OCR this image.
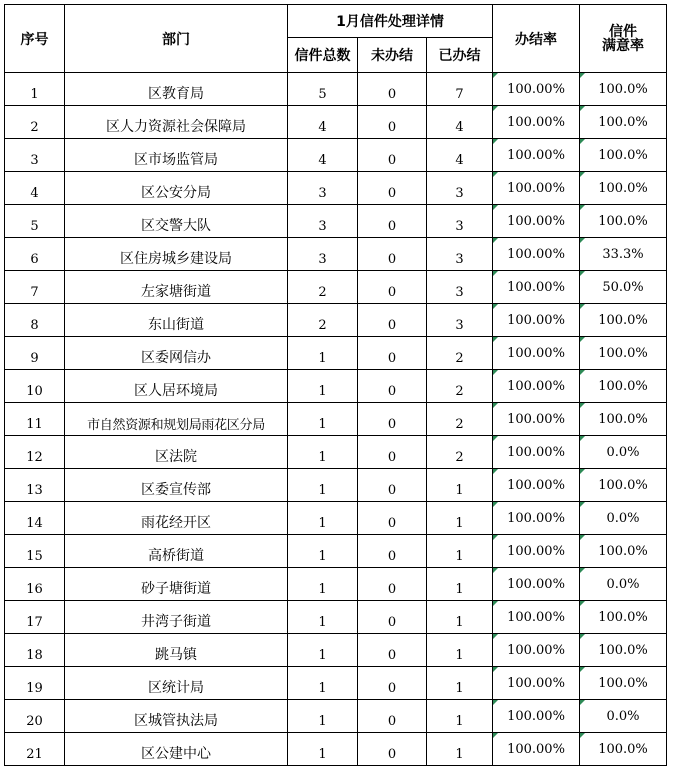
序号	部门	1月信件处理详情			办结率	信件
满意率

		信件总数	未办结	已办结		
1	区教育局	5	0	7	100.00%	100.0%
2	区人力资源社会保障局	4	0	4	100.00%	100.0%
3	区市场监管局	4	0	4	100.00%	100.0%
4	区公安分局	3	0	3	100.00%	100.0%
5	区交警大队	3	0	3	100.00%	100.0%
6	区住房城乡建设局	3	0	3	100.00%	33.3%
7	左家塘街道	2	0	3	100.00%	50.0%
8	东山街道	2	0	3	100.00%	100.0%
9	区委网信办	1	0	2	100.00%	100.0%
10	区人居环境局	1	0	2	100.00%	100.0%
11	市自然资源和规划局雨花区分局	1	0	2	100.00%	100.0%
12	区法院	1	0	2	100.00%	0.0%
13	区委宣传部	1	0	1	100.00%	100.0%
14	雨花经开区	1	0	1	100.00%	0.0%
15	高桥街道	1	0	1	100.00%	100.0%
16	砂子塘街道	1	0	1	100.00%	0.0%
17	井湾子街道	1	0	1	100.00%	100.0%
18	跳马镇	1	0	1	100.00%	100.0%
19	区统计局	1	0	1	100.00%	100.0%
20	区城管执法局	1	0	1	100.00%	0.0%
21	区公建中心	1	0	1	100.00%	100.0%
